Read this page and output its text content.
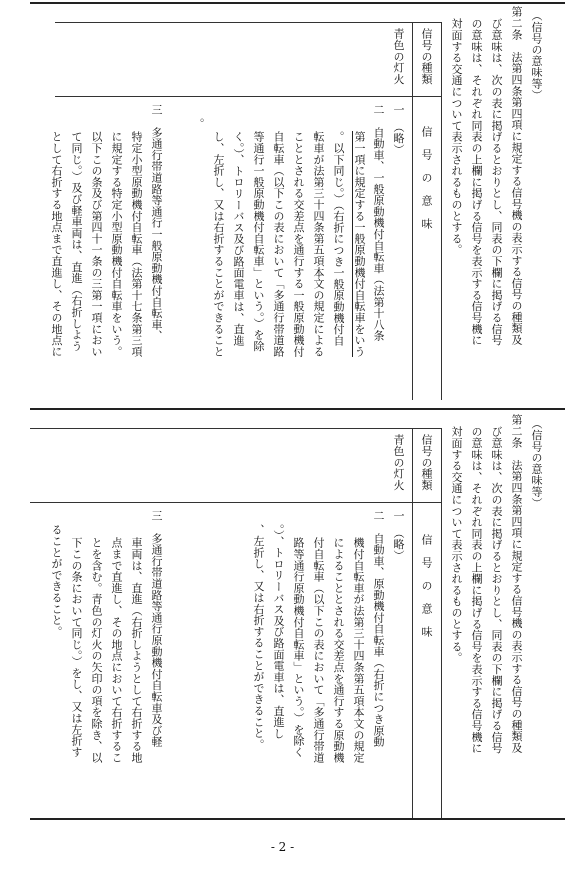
（信号の意味等）
第二条　法第四条第四項に規定する信号機の表示する信号の種類及
び意味は、次の表に掲げるとおりとし、同表の下欄に掲げる信号
の意味は、それぞれ同表の上欄に掲げる信号を表示する信号機に
対面する交通について表示されるものとする。
信号の種類
信号の意味
青色の灯火
一　（略）
二　自動車、一般原動機付自転車（法第十八条
第一項に規定する一般原動機付自転車をいう
。以下同じ。）（右折につき一般原動機付自
転車が法第三十四条第五項本文の規定による
こととされる交差点を通行する一般原動機付
自転車（以下この表において「多通行帯道路
等通行一般原動機付自転車」という。）を除
く。）、トロリーバス及び路面電車は、直進
し、左折し、又は右折することができること
。
三　多通行帯道路等通行一般原動機付自転車、
特定小型原動機付自転車（法第十七条第三項
に規定する特定小型原動機付自転車をいう。
以下この条及び第四十一条の三第一項におい
て同じ。）及び軽車両は、直進（右折しよう
として右折する地点まで直進し、その地点に
（信号の意味等）
第二条　法第四条第四項に規定する信号機の表示する信号の種類及
び意味は、次の表に掲げるとおりとし、同表の下欄に掲げる信号
の意味は、それぞれ同表の上欄に掲げる信号を表示する信号機に
対面する交通について表示されるものとする。
信号の種類
信号の意味
青色の灯火
一　（略）
二　自動車、原動機付自転車（右折につき原動
機付自転車が法第三十四条第五項本文の規定
によることとされる交差点を通行する原動機
付自転車（以下この表において「多通行帯道
路等通行原動機付自転車」という。）を除く
。）、トロリーバス及び路面電車は、直進し
、左折し、又は右折することができること。
三　多通行帯道路等通行原動機付自転車及び軽
車両は、直進（右折しようとして右折する地
点まで直進し、その地点において右折するこ
とを含む。青色の灯火の矢印の項を除き、以
下この条において同じ。）をし、又は左折す
ることができること。
- 2 -
